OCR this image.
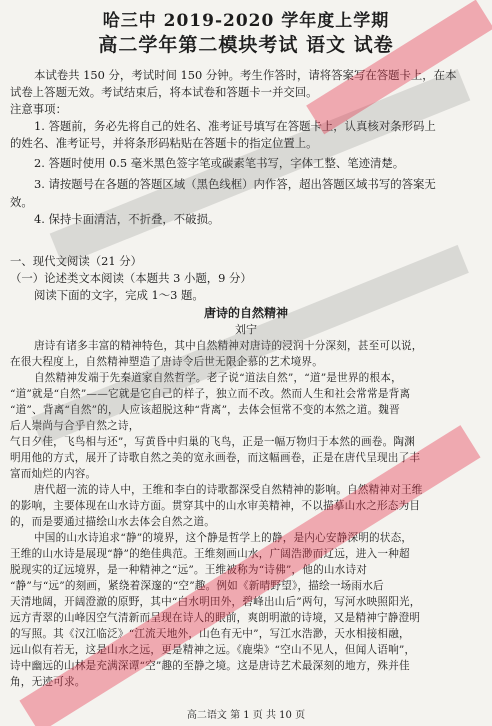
哈三中 2019-2020 学年度上学期
高二学年第二模块考试 语文 试卷
本试卷共 150 分，考试时间 150 分钟。考生作答时，请将答案写在答题卡上，在本
试卷上答题无效。考试结束后，将本试卷和答题卡一并交回。
注意事项：
1. 答题前，务必先将自己的姓名、准考证号填写在答题卡上，认真核对条形码上
的姓名、准考证号，并将条形码粘贴在答题卡的指定位置上。
2. 答题时使用 0.5 毫米黑色签字笔或碳素笔书写，字体工整、笔迹清楚。
3. 请按题号在各题的答题区域（黑色线框）内作答，超出答题区域书写的答案无
效。
4. 保持卡面清洁，不折叠，不破损。
一、现代文阅读（21 分）
（一）论述类文本阅读（本题共 3 小题，9 分）
阅读下面的文字，完成 1～3 题。
唐诗的自然精神
刘宁
唐诗有诸多丰富的精神特色，其中自然精神对唐诗的浸润十分深刻，甚至可以说，
在很大程度上，自然精神塑造了唐诗令后世无限企慕的艺术境界。
自然精神发端于先秦道家自然哲学。老子说“道法自然”，“道”是世界的根本，
“道”就是“自然”——它就是它自己的样子，独立而不改。然而人生和社会常常是背离
“道”、背离“自然”的，人应该超脱这种“背离”，去体会恒常不变的本然之道。魏晋
后人崇尚与合乎自然之诗，
气日夕佳，飞鸟相与还”，写黄昏中归巢的飞鸟，正是一幅万物归于本然的画卷。陶渊
明用他的方式，展开了诗歌自然之美的宽永画卷，而这幅画卷，正是在唐代呈现出了丰
富而灿烂的内容。
唐代超一流的诗人中，王维和李白的诗歌都深受自然精神的影响。自然精神对王维
的影响，主要体现在山水诗方面。贯穿其中的山水审美精神，不以描摹山水之形态为目
的，而是要通过描绘山水去体会自然之道。
中国的山水诗追求“静”的境界，这个静是哲学上的静，是内心安静深明的状态，
王维的山水诗是展现“静”的绝佳典范。王维刻画山水，广阔浩渺而辽远，进入一种超
脱现实的辽远境界，是一种精神之“远”。王维被称为“诗佛”，他的山水诗对
“静”与“远”的刻画，紧绕着深邃的“空”趣。例如《新晴野望》，描绘一场雨水后
天清地阔，开阔澄澈的原野，其中“白水明田外，碧峰出山后”两句，写河水映照阳光，
远方青翠的山峰因空气清新而呈现在诗人的眼前，爽朗明澈的诗境，又是精神宁静澄明
的写照。其《汉江临泛》“江流天地外，山色有无中”，写江水浩渺，天水相接相融，
远山似有若无，这是山水之远，更是精神之远。《鹿柴》“空山不见人，但闻人语响”，
诗中幽远的山林是充满深谭“空”趣的至静之境。这是唐诗艺术最深刻的地方，殊并佳
角，无迹可求。
高二语文 第 1 页 共 10 页
